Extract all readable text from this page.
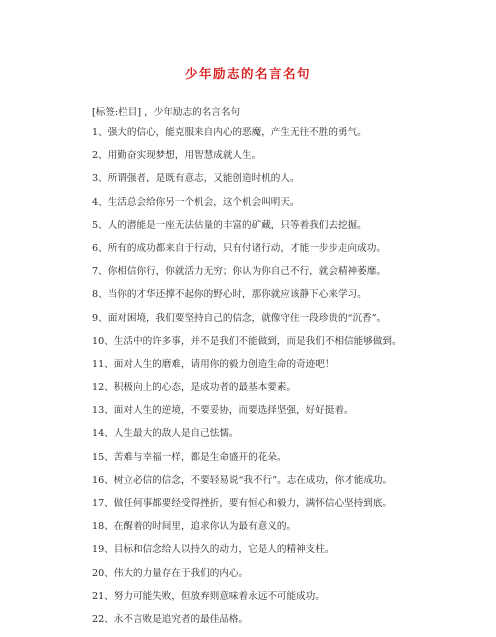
少年励志的名言名句
[标签:栏目] ，少年励志的名言名句
1、强大的信心，能克服来自内心的恶魔，产生无往不胜的勇气。
2、用勤奋实现梦想，用智慧成就人生。
3、所谓强者，是既有意志，又能创造时机的人。
4、生活总会给你另一个机会，这个机会叫明天。
5、人的潜能是一座无法估量的丰富的矿藏，只等着我们去挖掘。
6、所有的成功都来自于行动，只有付诸行动，才能一步步走向成功。
7、你相信你行，你就活力无穷；你认为你自己不行，就会精神萎靡。
8、当你的才华还撑不起你的野心时，那你就应该静下心来学习。
9、面对困境，我们要坚持自己的信念，就像守住一段珍贵的“沉香”。
10、生活中的许多事，并不是我们不能做到，而是我们不相信能够做到。
11、面对人生的磨难，请用你的毅力创造生命的奇迹吧！
12、积极向上的心态，是成功者的最基本要素。
13、面对人生的逆境，不要妥协，而要选择坚强，好好挺着。
14、人生最大的敌人是自己怯懦。
15、苦难与幸福一样，都是生命盛开的花朵。
16、树立必信的信念，不要轻易说“我不行”。志在成功，你才能成功。
17、做任何事都要经受得挫折，要有恒心和毅力，满怀信心坚持到底。
18、在醒着的时间里，追求你认为最有意义的。
19、目标和信念给人以持久的动力，它是人的精神支柱。
20、伟大的力量存在于我们的内心。
21、努力可能失败，但放弃则意味着永远不可能成功。
22、永不言败是追究者的最佳品格。
